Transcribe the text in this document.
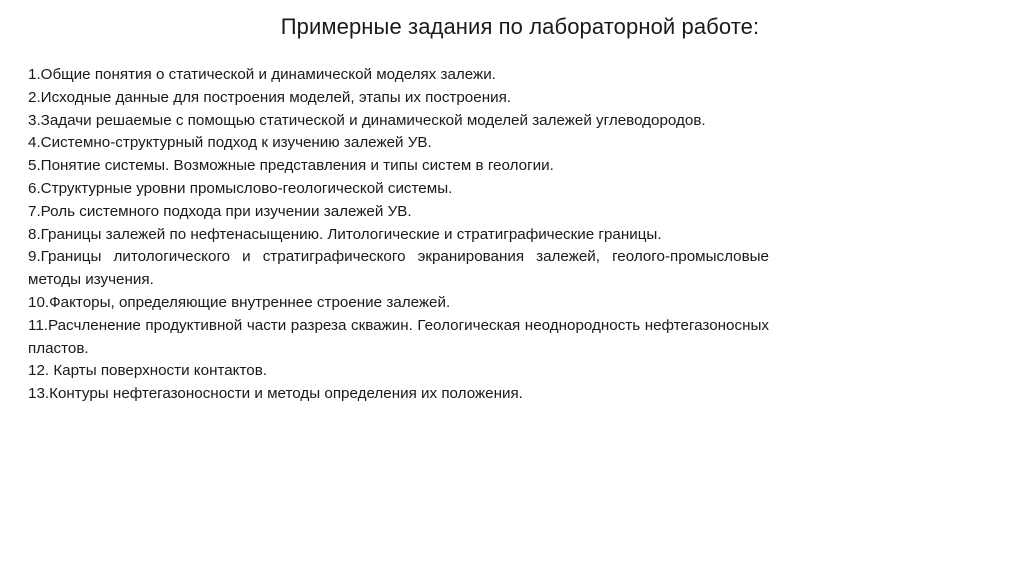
Примерные задания по лабораторной работе:
1.Общие понятия о статической и динамической моделях залежи.
2.Исходные данные для построения моделей, этапы их построения.
3.Задачи решаемые с помощью статической и динамической моделей залежей углеводородов.
4.Системно-структурный подход к изучению залежей УВ.
5.Понятие системы. Возможные представления и типы систем в геологии.
6.Структурные уровни промыслово-геологической системы.
7.Роль системного подхода при изучении залежей УВ.
8.Границы залежей по нефтенасыщению. Литологические и стратиграфические границы.
9.Границы литологического и стратиграфического экранирования залежей, геолого-промысловые методы изучения.
10.Факторы, определяющие внутреннее строение залежей.
11.Расчленение продуктивной части разреза скважин. Геологическая неоднородность нефтегазоносных пластов.
12. Карты поверхности контактов.
13.Контуры нефтегазоносности и методы определения их положения.
